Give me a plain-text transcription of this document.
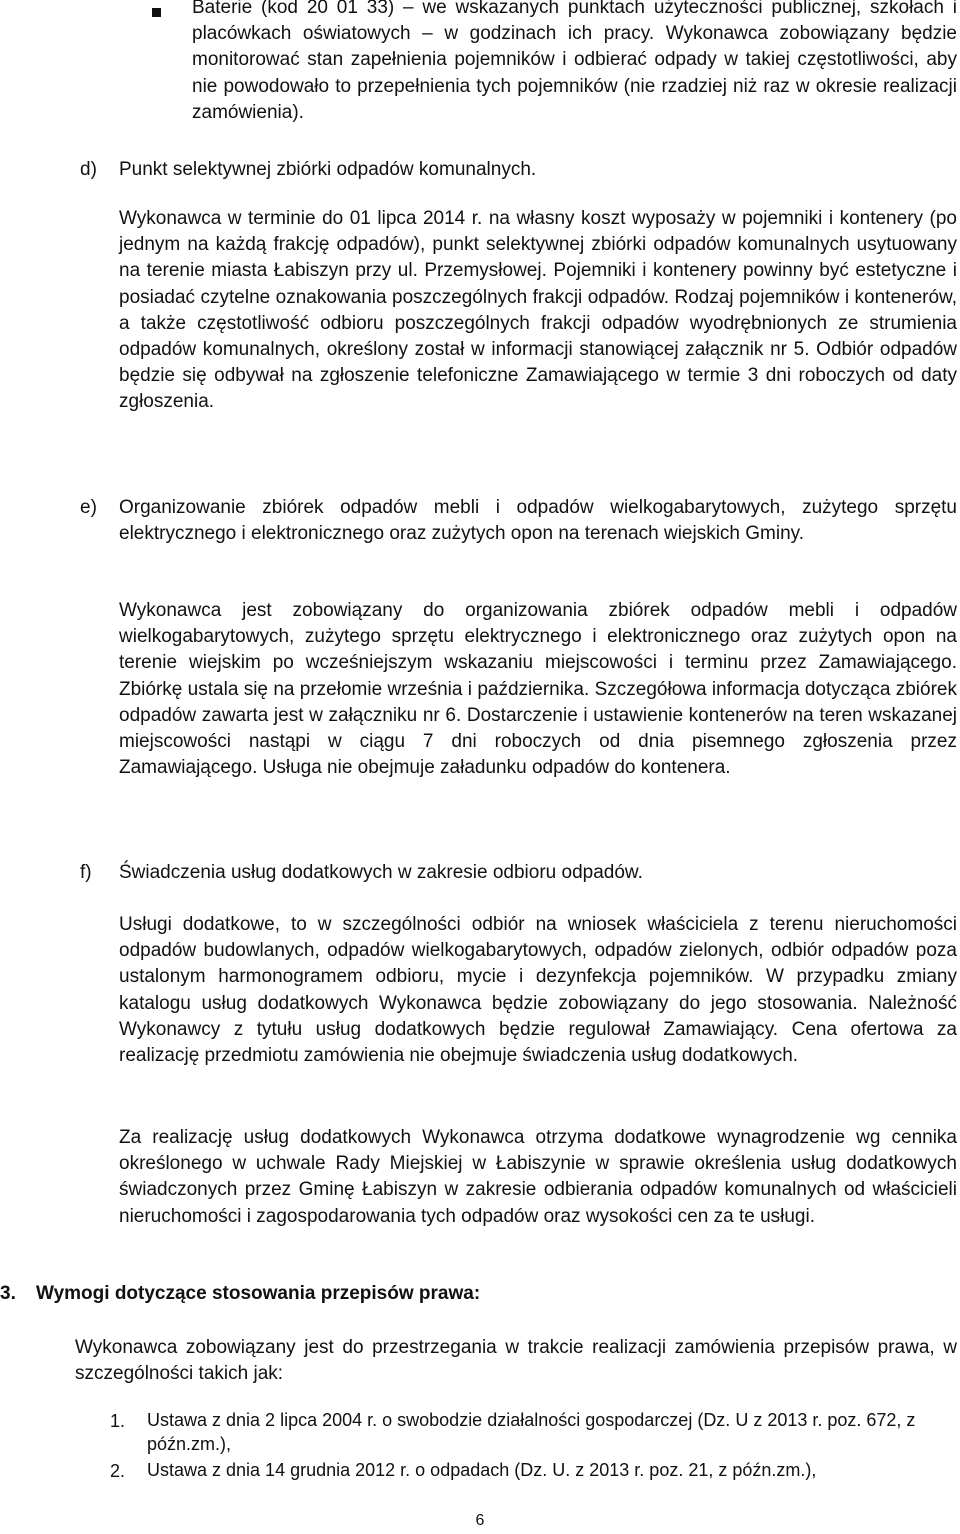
Baterie (kod 20 01 33) – we wskazanych punktach użyteczności publicznej, szkołach i placówkach oświatowych – w godzinach ich pracy. Wykonawca zobowiązany będzie monitorować stan zapełnienia pojemników i odbierać odpady w takiej częstotliwości, aby nie powodowało to przepełnienia tych pojemników (nie rzadziej niż raz w okresie realizacji zamówienia).
d) Punkt selektywnej zbiórki odpadów komunalnych.
Wykonawca w terminie do 01 lipca 2014 r. na własny koszt wyposaży w pojemniki i kontenery (po jednym na każdą frakcję odpadów), punkt selektywnej zbiórki odpadów komunalnych usytuowany na terenie miasta Łabiszyn przy ul. Przemysłowej. Pojemniki i kontenery powinny być estetyczne i posiadać czytelne oznakowania poszczególnych frakcji odpadów. Rodzaj pojemników i kontenerów, a także częstotliwość odbioru poszczególnych frakcji odpadów wyodrębnionych ze strumienia odpadów komunalnych, określony został w informacji stanowiącej załącznik nr 5. Odbiór odpadów będzie się odbywał na zgłoszenie telefoniczne Zamawiającego w termie 3 dni roboczych od daty zgłoszenia.
e) Organizowanie zbiórek odpadów mebli i odpadów wielkogabarytowych, zużytego sprzętu elektrycznego i elektronicznego oraz zużytych opon na terenach wiejskich Gminy.
Wykonawca jest zobowiązany do organizowania zbiórek odpadów mebli i odpadów wielkogabarytowych, zużytego sprzętu elektrycznego i elektronicznego oraz zużytych opon na terenie wiejskim po wcześniejszym wskazaniu miejscowości i terminu przez Zamawiającego. Zbiórkę ustala się na przełomie września i października. Szczegółowa informacja dotycząca zbiórek odpadów zawarta jest w załączniku nr 6. Dostarczenie i ustawienie kontenerów na teren wskazanej miejscowości nastąpi w ciągu 7 dni roboczych od dnia pisemnego zgłoszenia przez Zamawiającego. Usługa nie obejmuje załadunku odpadów do kontenera.
f) Świadczenia usług dodatkowych w zakresie odbioru odpadów.
Usługi dodatkowe, to w szczególności odbiór na wniosek właściciela z terenu nieruchomości odpadów budowlanych, odpadów wielkogabarytowych, odpadów zielonych, odbiór odpadów poza ustalonym harmonogramem odbioru, mycie i dezynfekcja pojemników. W przypadku zmiany katalogu usług dodatkowych Wykonawca będzie zobowiązany do jego stosowania. Należność Wykonawcy z tytułu usług dodatkowych będzie regulował Zamawiający. Cena ofertowa za realizację przedmiotu zamówienia nie obejmuje świadczenia usług dodatkowych.
Za realizację usług dodatkowych Wykonawca otrzyma dodatkowe wynagrodzenie wg cennika określonego w uchwale Rady Miejskiej w Łabiszynie w sprawie określenia usług dodatkowych świadczonych przez Gminę Łabiszyn w zakresie odbierania odpadów komunalnych od właścicieli nieruchomości i zagospodarowania tych odpadów oraz wysokości cen za te usługi.
3. Wymogi dotyczące stosowania przepisów prawa:
Wykonawca zobowiązany jest do przestrzegania w trakcie realizacji zamówienia przepisów prawa, w szczególności takich jak:
1. Ustawa z dnia 2 lipca 2004 r. o swobodzie działalności gospodarczej (Dz. U z 2013 r. poz. 672, z późn.zm.),
2. Ustawa z dnia 14 grudnia 2012 r. o odpadach (Dz. U. z 2013 r. poz. 21, z późn.zm.),
6
